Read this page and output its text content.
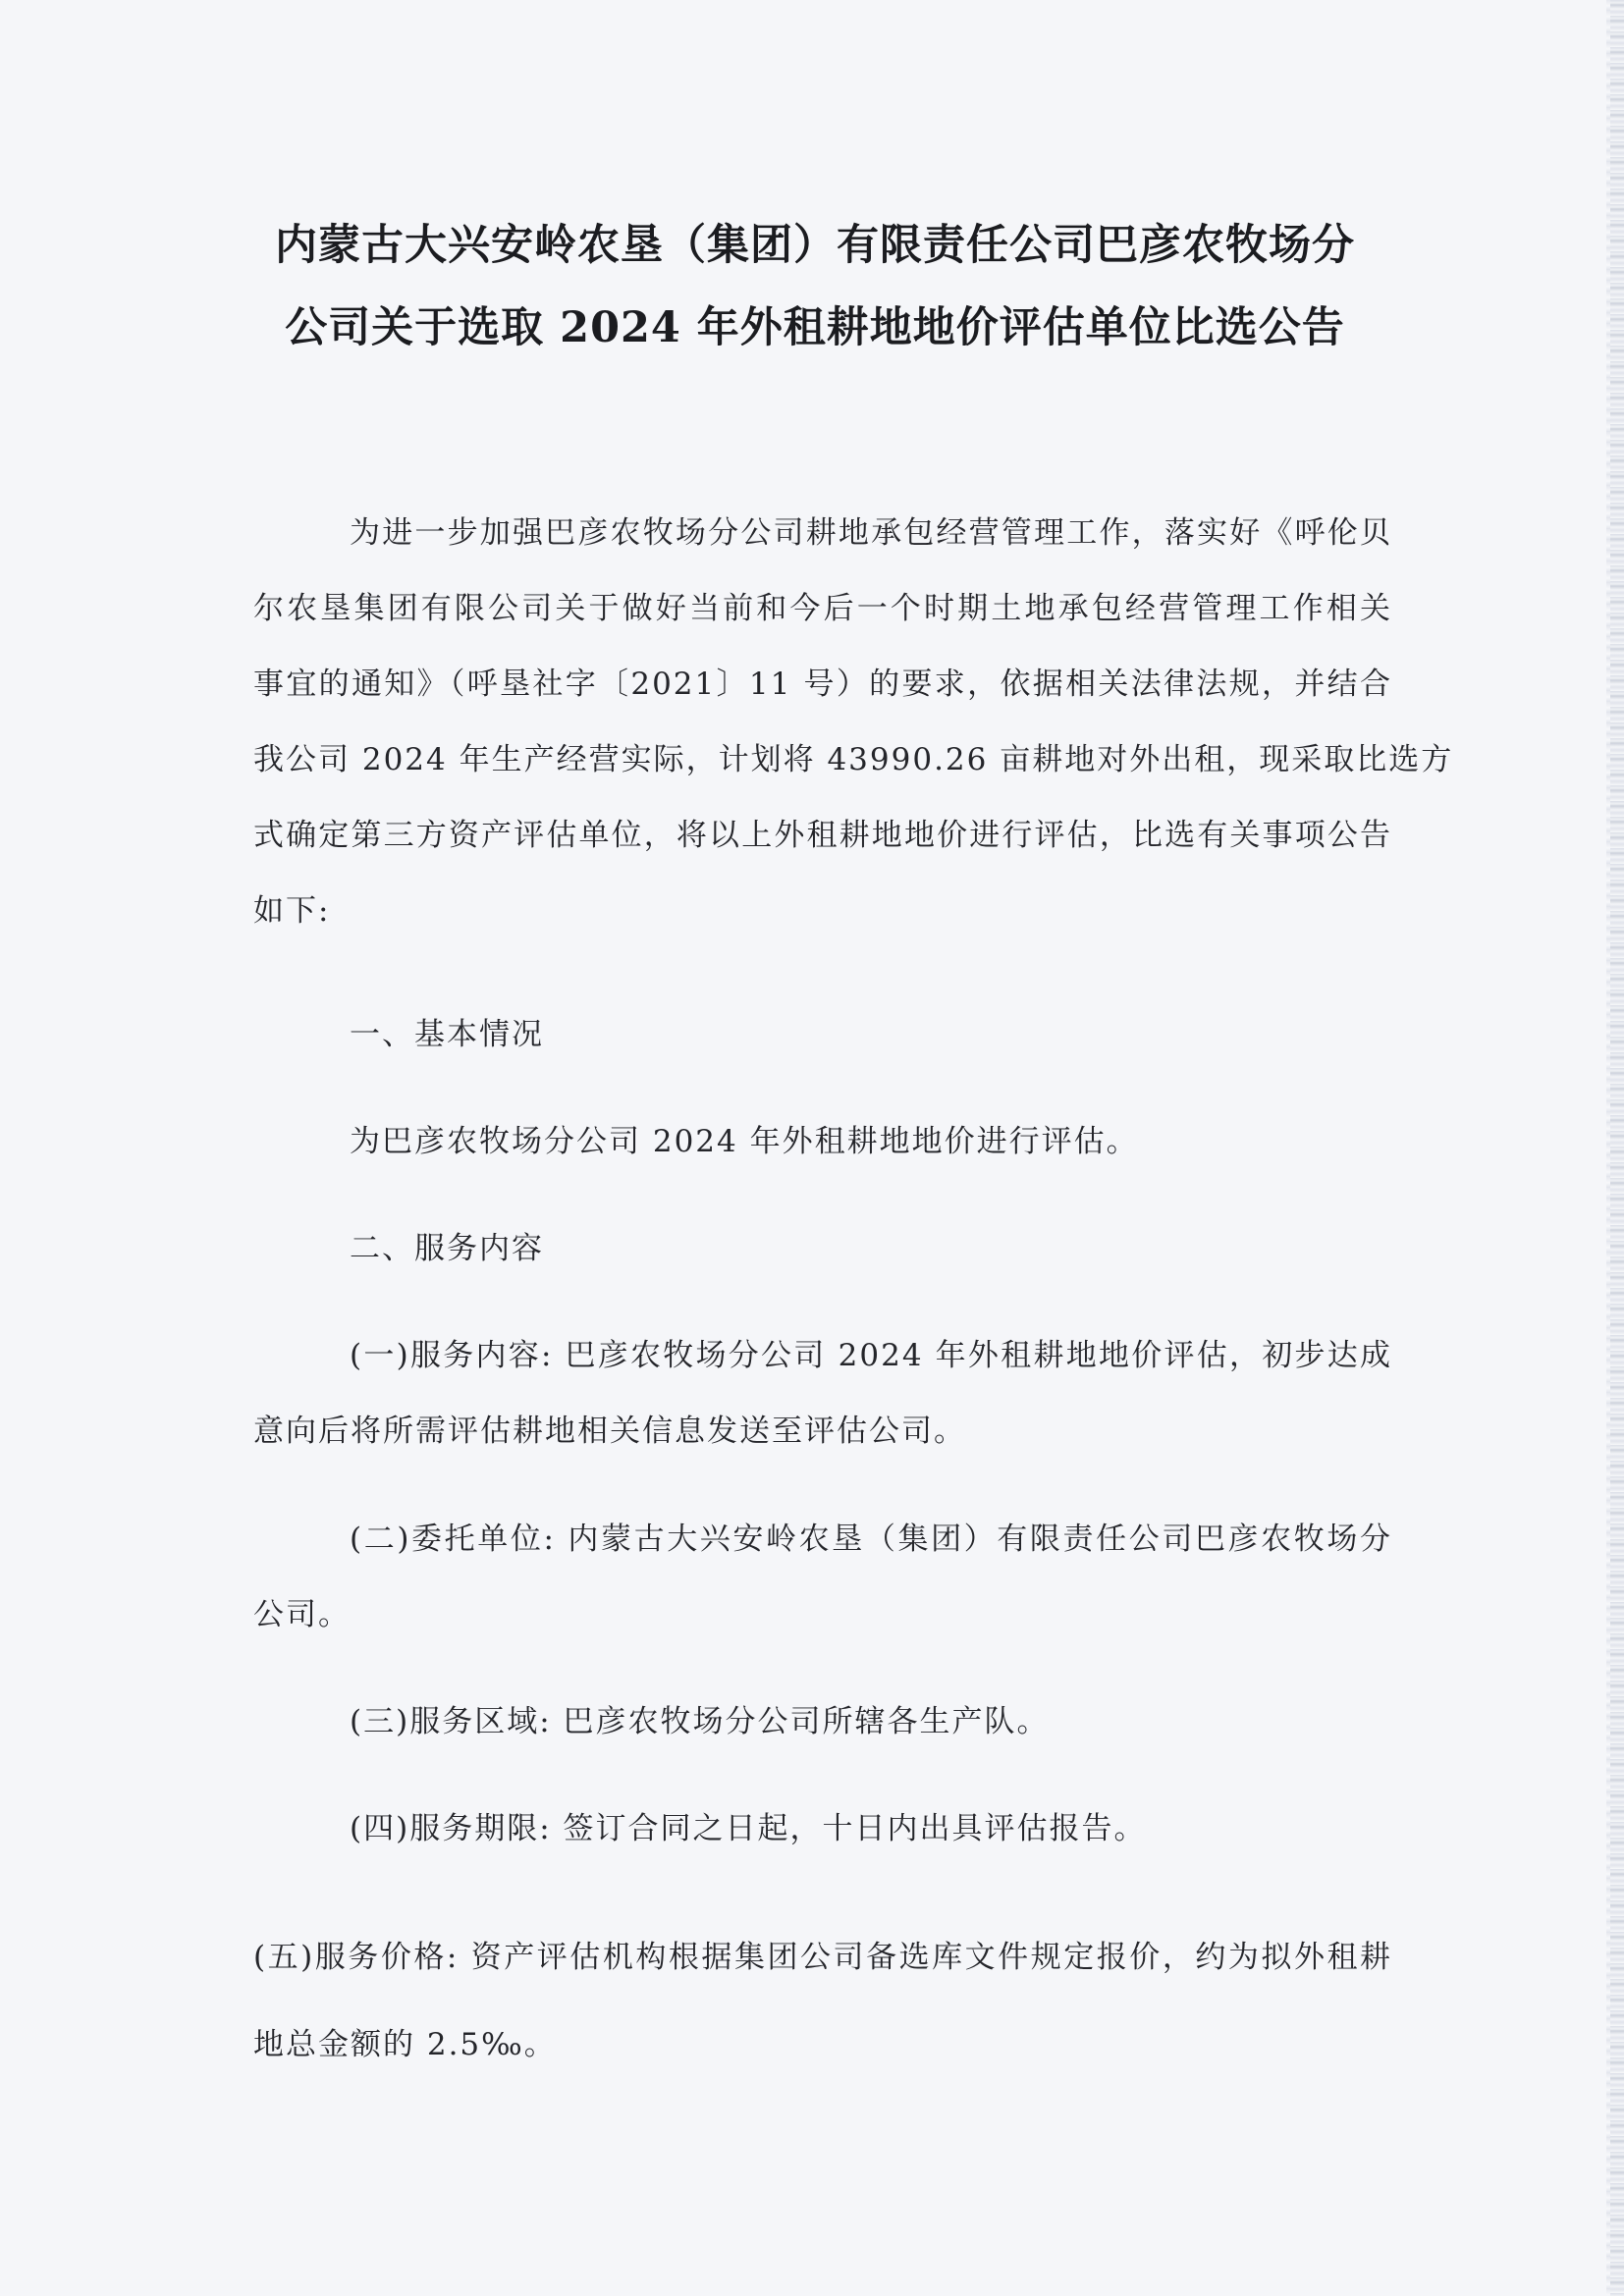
内蒙古大兴安岭农垦（集团）有限责任公司巴彦农牧场分
公司关于选取 2024 年外租耕地地价评估单位比选公告
为进一步加强巴彦农牧场分公司耕地承包经营管理工作，落实好《呼伦贝
尔农垦集团有限公司关于做好当前和今后一个时期土地承包经营管理工作相关
事宜的通知》（呼垦社字〔2021〕11 号）的要求，依据相关法律法规，并结合
我公司 2024 年生产经营实际，计划将 43990.26 亩耕地对外出租，现采取比选方
式确定第三方资产评估单位，将以上外租耕地地价进行评估，比选有关事项公告
如下:
一、基本情况
为巴彦农牧场分公司 2024 年外租耕地地价进行评估。
二、服务内容
(一)服务内容: 巴彦农牧场分公司 2024 年外租耕地地价评估，初步达成
意向后将所需评估耕地相关信息发送至评估公司。
(二)委托单位: 内蒙古大兴安岭农垦（集团）有限责任公司巴彦农牧场分
公司。
(三)服务区域: 巴彦农牧场分公司所辖各生产队。
(四)服务期限: 签订合同之日起，十日内出具评估报告。
(五)服务价格: 资产评估机构根据集团公司备选库文件规定报价，约为拟外租耕
地总金额的 2.5‰。
